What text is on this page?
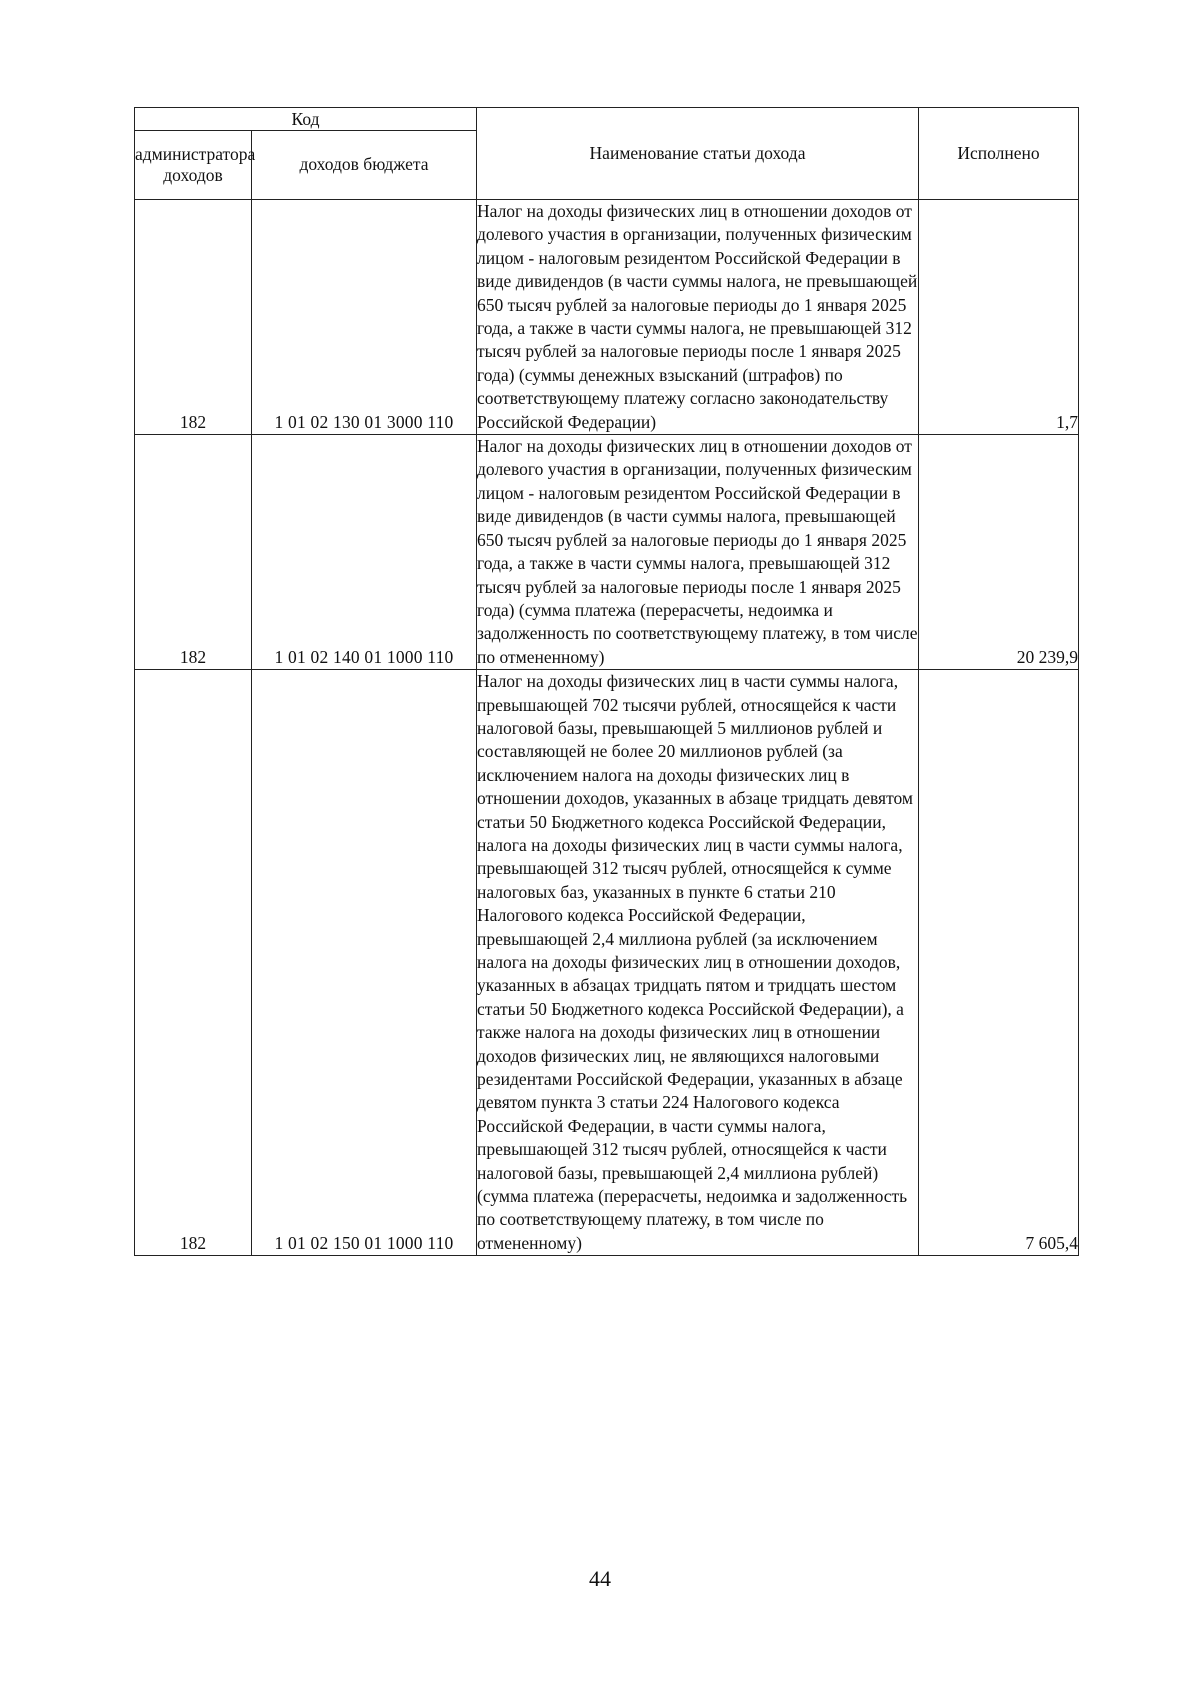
Код		Наименование статьи дохода	Исполнено
администратора доходов	доходов бюджета		
182	1 01 02 130 01 3000 110	Налог на доходы физических лиц в отношении доходов от долевого участия в организации, полученных физическим лицом - налоговым резидентом Российской Федерации в виде дивидендов (в части суммы налога, не превышающей 650 тысяч рублей за налоговые периоды до 1 января 2025 года, а также в части суммы налога, не превышающей 312 тысяч рублей за налоговые периоды после 1 января 2025 года) (суммы денежных взысканий (штрафов) по соответствующему платежу согласно законодательству Российской Федерации)	1,7
182	1 01 02 140 01 1000 110	Налог на доходы физических лиц в отношении доходов от долевого участия в организации, полученных физическим лицом - налоговым резидентом Российской Федерации в виде дивидендов (в части суммы налога, превышающей 650 тысяч рублей за налоговые периоды до 1 января 2025 года, а также в части суммы налога, превышающей 312 тысяч рублей за налоговые периоды после 1 января 2025 года) (сумма платежа (перерасчеты, недоимка и задолженность по соответствующему платежу, в том числе по отмененному)	20 239,9
182	1 01 02 150 01 1000 110	Налог на доходы физических лиц в части суммы налога, превышающей 702 тысячи рублей, относящейся к части налоговой базы, превышающей 5 миллионов рублей и составляющей не более 20 миллионов рублей (за исключением налога на доходы физических лиц в отношении доходов, указанных в абзаце тридцать девятом статьи 50 Бюджетного кодекса Российской Федерации, налога на доходы физических лиц в части суммы налога, превышающей 312 тысяч рублей, относящейся к сумме налоговых баз, указанных в пункте 6 статьи 210 Налогового кодекса Российской Федерации, превышающей 2,4 миллиона рублей (за исключением налога на доходы физических лиц в отношении доходов, указанных в абзацах тридцать пятом и тридцать шестом статьи 50 Бюджетного кодекса Российской Федерации), а также налога на доходы физических лиц в отношении доходов физических лиц, не являющихся налоговыми резидентами Российской Федерации, указанных в абзаце девятом пункта 3 статьи 224 Налогового кодекса Российской Федерации, в части суммы налога, превышающей 312 тысяч рублей, относящейся к части налоговой базы, превышающей 2,4 миллиона рублей)(сумма платежа (перерасчеты, недоимка и задолженность по соответствующему платежу, в том числе по отмененному)	7 605,4
44
